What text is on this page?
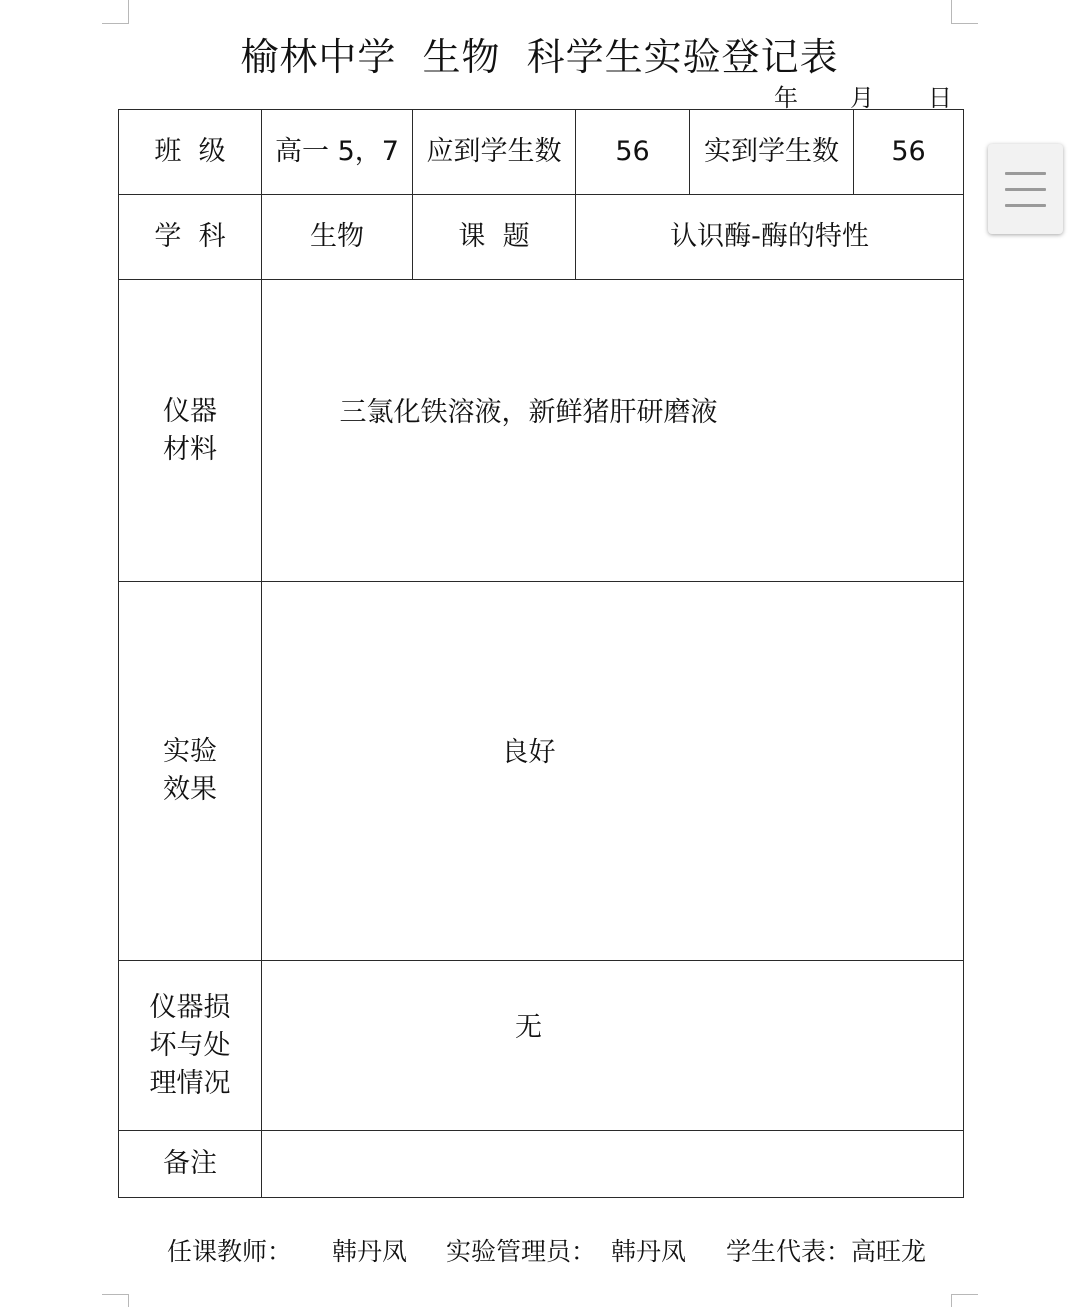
榆林中学  生物  科学生实验登记表
年 月 日
班  级	高一 5，7	应到学生数	56	实到学生数	56
学  科	生物	课  题	认识酶-酶的特性		

仪器
材料	三氯化铁溶液，新鲜猪肝研磨液				

实验
效果	良好				

仪器损
坏与处
理情况	无				
备注					
任课教师： 韩丹凤 实验管理员： 韩丹凤 学生代表：高旺龙
